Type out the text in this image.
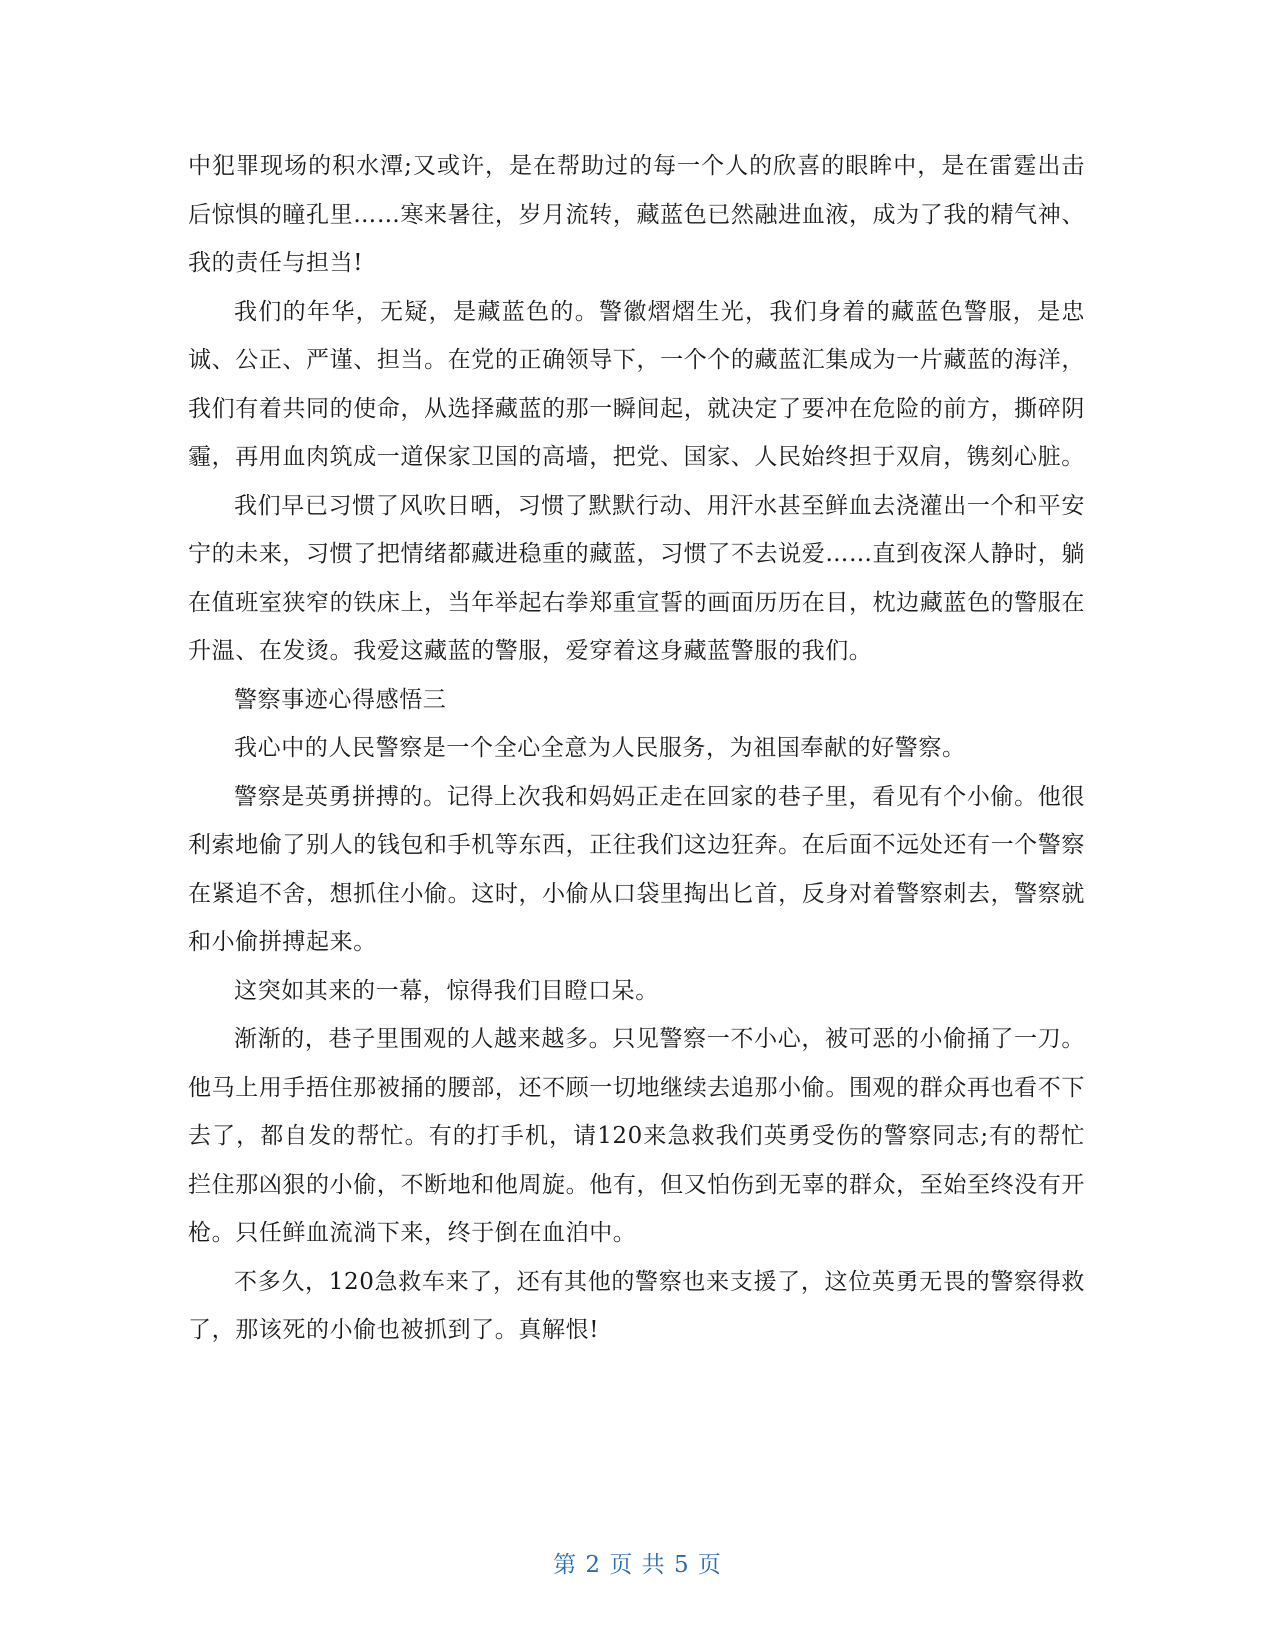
中犯罪现场的积水潭;又或许，是在帮助过的每一个人的欣喜的眼眸中，是在雷霆出击后惊惧的瞳孔里……寒来暑往，岁月流转，藏蓝色已然融进血液，成为了我的精气神、我的责任与担当!

我们的年华，无疑，是藏蓝色的。警徽熠熠生光，我们身着的藏蓝色警服，是忠诚、公正、严谨、担当。在党的正确领导下，一个个的藏蓝汇集成为一片藏蓝的海洋，我们有着共同的使命，从选择藏蓝的那一瞬间起，就决定了要冲在危险的前方，撕碎阴霾，再用血肉筑成一道保家卫国的高墙，把党、国家、人民始终担于双肩，镌刻心脏。

我们早已习惯了风吹日晒，习惯了默默行动、用汗水甚至鲜血去浇灌出一个和平安宁的未来，习惯了把情绪都藏进稳重的藏蓝，习惯了不去说爱……直到夜深人静时，躺在值班室狭窄的铁床上，当年举起右拳郑重宣誓的画面历历在目，枕边藏蓝色的警服在升温、在发烫。我爱这藏蓝的警服，爱穿着这身藏蓝警服的我们。

警察事迹心得感悟三

我心中的人民警察是一个全心全意为人民服务，为祖国奉献的好警察。

警察是英勇拼搏的。记得上次我和妈妈正走在回家的巷子里，看见有个小偷。他很利索地偷了别人的钱包和手机等东西，正往我们这边狂奔。在后面不远处还有一个警察在紧追不舍，想抓住小偷。这时，小偷从口袋里掏出匕首，反身对着警察刺去，警察就和小偷拼搏起来。

这突如其来的一幕，惊得我们目瞪口呆。

渐渐的，巷子里围观的人越来越多。只见警察一不小心，被可恶的小偷捅了一刀。他马上用手捂住那被捅的腰部，还不顾一切地继续去追那小偷。围观的群众再也看不下去了，都自发的帮忙。有的打手机，请120来急救我们英勇受伤的警察同志;有的帮忙拦住那凶狠的小偷，不断地和他周旋。他有，但又怕伤到无辜的群众，至始至终没有开枪。只任鲜血流淌下来，终于倒在血泊中。

不多久，120急救车来了，还有其他的警察也来支援了，这位英勇无畏的警察得救了，那该死的小偷也被抓到了。真解恨!

第 2 页 共 5 页
